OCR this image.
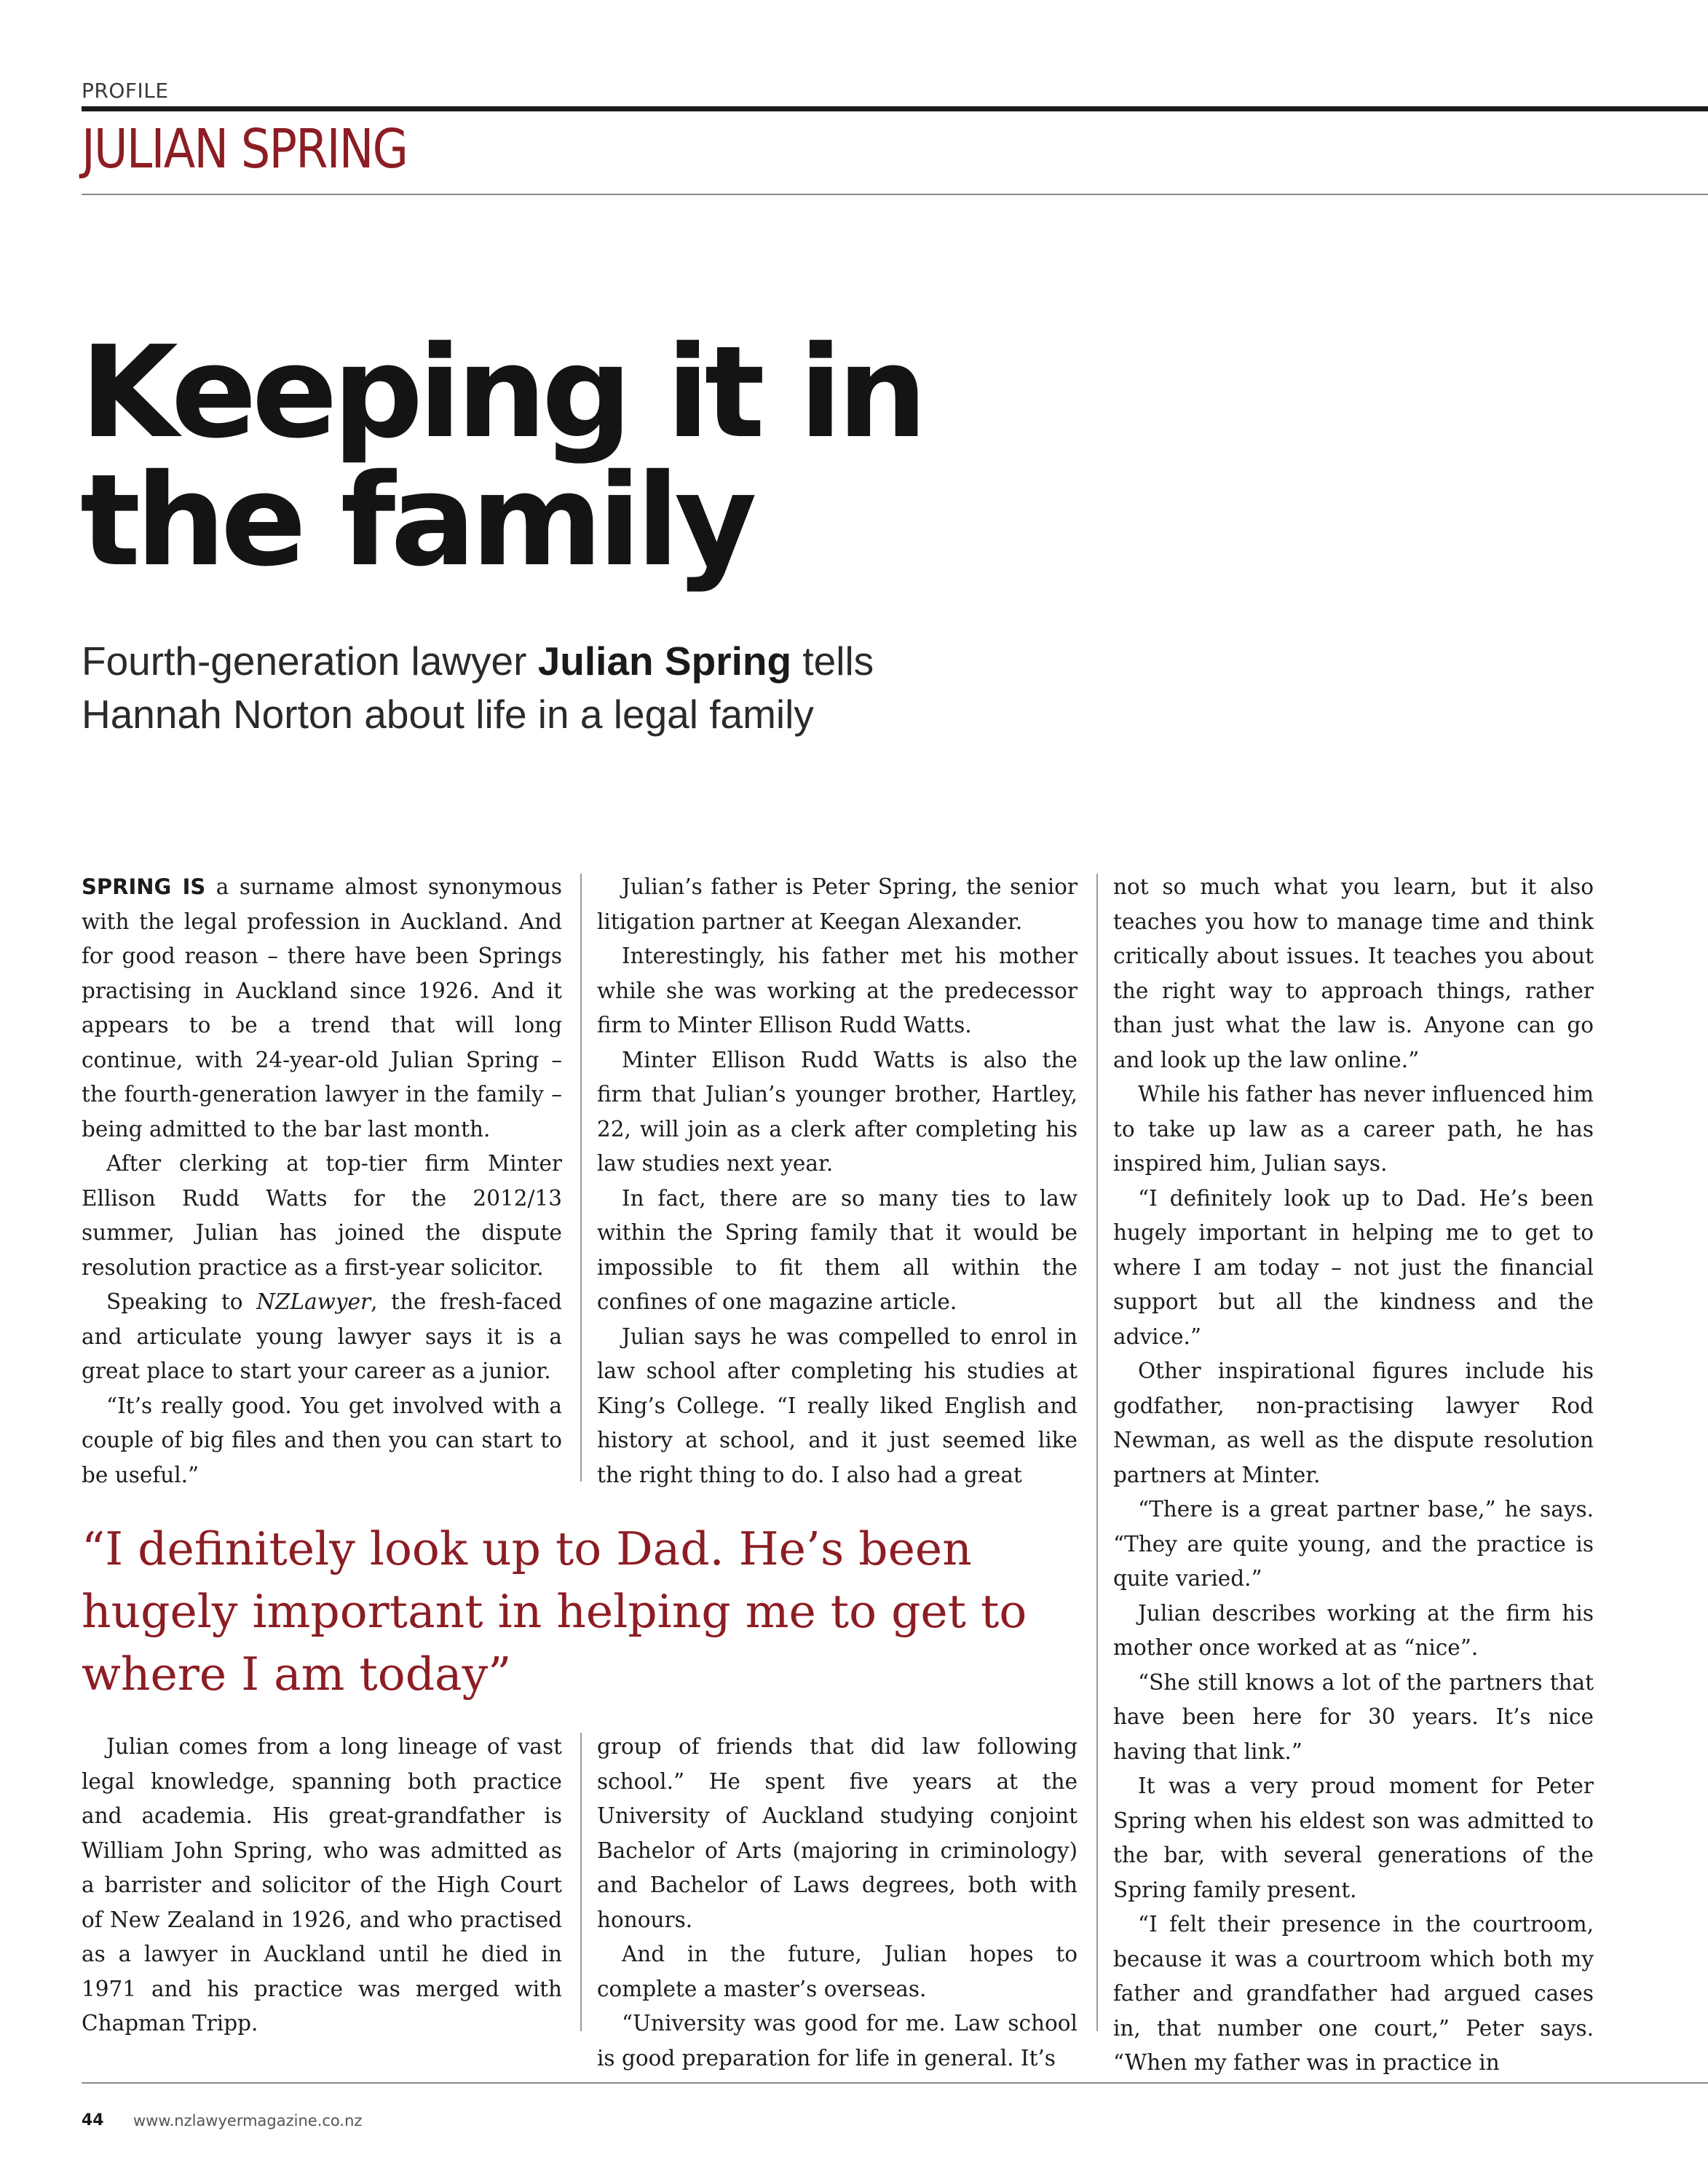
PROFILE
JULIAN SPRING
Keeping it in
the family

Fourth-generation lawyer Julian Spring tells Hannah Norton about life in a legal family

SPRING IS a surname almost synonymous with the legal profession in Auckland. And for good reason – there have been Springs practising in Auckland since 1926. And it appears to be a trend that will long continue, with 24-year-old Julian Spring – the fourth-generation lawyer in the family – being admitted to the bar last month.

After clerking at top-tier firm Minter Ellison Rudd Watts for the 2012/13 summer, Julian has joined the dispute resolution practice as a first-year solicitor.

Speaking to NZLawyer, the fresh-faced and articulate young lawyer says it is a great place to start your career as a junior.

“It’s really good. You get involved with a couple of big files and then you can start to be useful.”

Julian’s father is Peter Spring, the senior litigation partner at Keegan Alexander.

Interestingly, his father met his mother while she was working at the predecessor firm to Minter Ellison Rudd Watts.

Minter Ellison Rudd Watts is also the firm that Julian’s younger brother, Hartley, 22, will join as a clerk after completing his law studies next year.

In fact, there are so many ties to law within the Spring family that it would be impossible to fit them all within the confines of one magazine article.

Julian says he was compelled to enrol in law school after completing his studies at King’s College. “I really liked English and history at school, and it just seemed like the right thing to do. I also had a great

not so much what you learn, but it also teaches you how to manage time and think critically about issues. It teaches you about the right way to approach things, rather than just what the law is. Anyone can go and look up the law online.”

While his father has never influenced him to take up law as a career path, he has inspired him, Julian says.

“I definitely look up to Dad. He’s been hugely important in helping me to get to where I am today – not just the financial support but all the kindness and the advice.”

Other inspirational figures include his godfather, non-practising lawyer Rod Newman, as well as the dispute resolution partners at Minter.

“There is a great partner base,” he says. “They are quite young, and the practice is quite varied.”

Julian describes working at the firm his mother once worked at as “nice”.

“She still knows a lot of the partners that have been here for 30 years. It’s nice having that link.”

It was a very proud moment for Peter Spring when his eldest son was admitted to the bar, with several generations of the Spring family present.

“I felt their presence in the courtroom, because it was a courtroom which both my father and grandfather had argued cases in, that number one court,” Peter says. “When my father was in practice in

“I definitely look up to Dad. He’s been hugely important in helping me to get to where I am today”

Julian comes from a long lineage of vast legal knowledge, spanning both practice and academia. His great-grandfather is William John Spring, who was admitted as a barrister and solicitor of the High Court of New Zealand in 1926, and who practised as a lawyer in Auckland until he died in 1971 and his practice was merged with Chapman Tripp.

group of friends that did law following school.” He spent five years at the University of Auckland studying conjoint Bachelor of Arts (majoring in criminology) and Bachelor of Laws degrees, both with honours.

And in the future, Julian hopes to complete a master’s overseas.

“University was good for me. Law school is good preparation for life in general. It’s

44 www.nzlawyermagazine.co.nz
